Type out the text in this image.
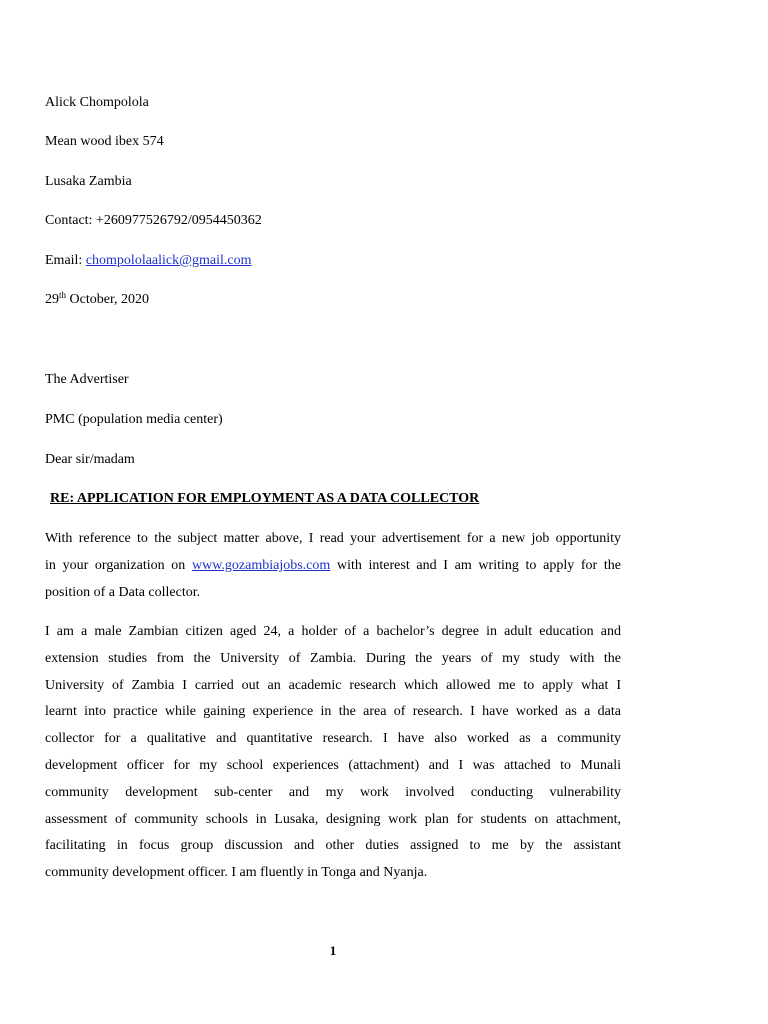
Alick Chompolola
Mean wood ibex 574
Lusaka Zambia
Contact: +260977526792/0954450362
Email: chompololaalick@gmail.com
29th October, 2020
The Advertiser
PMC (population media center)
Dear sir/madam
RE: APPLICATION FOR EMPLOYMENT AS A DATA COLLECTOR
With reference to the subject matter above, I read your advertisement for a new job opportunity
in your organization on www.gozambiajobs.com with interest and I am writing to apply for the
position of a Data collector.
I am a male Zambian citizen aged 24, a holder of a bachelor’s degree in adult education and
extension studies from the University of Zambia. During the years of my study with the
University of Zambia I carried out an academic research which allowed me to apply what I
learnt into practice while gaining experience in the area of research. I have worked as a data
collector for a qualitative and quantitative research. I have also worked as a community
development officer for my school experiences (attachment) and I was attached to Munali
community development sub-center and my work involved conducting vulnerability
assessment of community schools in Lusaka, designing work plan for students on attachment,
facilitating in focus group discussion and other duties assigned to me by the assistant
community development officer. I am fluently in Tonga and Nyanja.
1
